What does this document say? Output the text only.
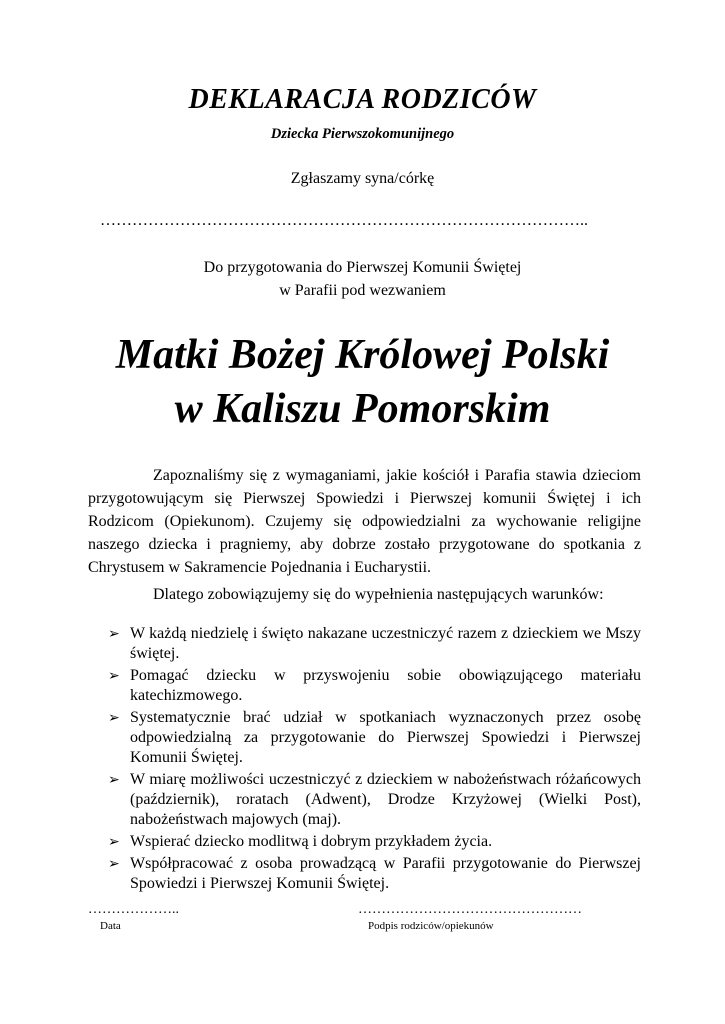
DEKLARACJA RODZICÓW
Dziecka Pierwszokomunijnego
Zgłaszamy syna/córkę
………………………………………………………………………………..
Do przygotowania do Pierwszej Komunii Świętej
w Parafii pod wezwaniem
Matki Bożej Królowej Polski
w Kaliszu Pomorskim

Zapoznaliśmy się z wymaganiami, jakie kościół i Parafia stawia dzieciom przygotowującym się Pierwszej Spowiedzi i Pierwszej komunii Świętej i ich Rodzicom (Opiekunom). Czujemy się odpowiedzialni za wychowanie religijne naszego dziecka i pragniemy, aby dobrze zostało przygotowane do spotkania z Chrystusem w Sakramencie Pojednania i Eucharystii.

Dlatego zobowiązujemy się do wypełnienia następujących warunków:

➢ W każdą niedzielę i święto nakazane uczestniczyć razem z dzieckiem we Mszy świętej.
➢ Pomagać dziecku w przyswojeniu sobie obowiązującego materiału katechizmowego.
➢ Systematycznie brać udział w spotkaniach wyznaczonych przez osobę odpowiedzialną za przygotowanie do Pierwszej Spowiedzi i Pierwszej Komunii Świętej.
➢ W miarę możliwości uczestniczyć z dzieckiem w nabożeństwach różańcowych (październik), roratach (Adwent), Drodze Krzyżowej (Wielki Post), nabożeństwach majowych (maj).
➢ Wspierać dziecko modlitwą i dobrym przykładem życia.
➢ Współpracować z osoba prowadzącą w Parafii przygotowanie do Pierwszej Spowiedzi i Pierwszej Komunii Świętej.
………………..	…………………………………………
Data	Podpis rodziców/opiekunów
